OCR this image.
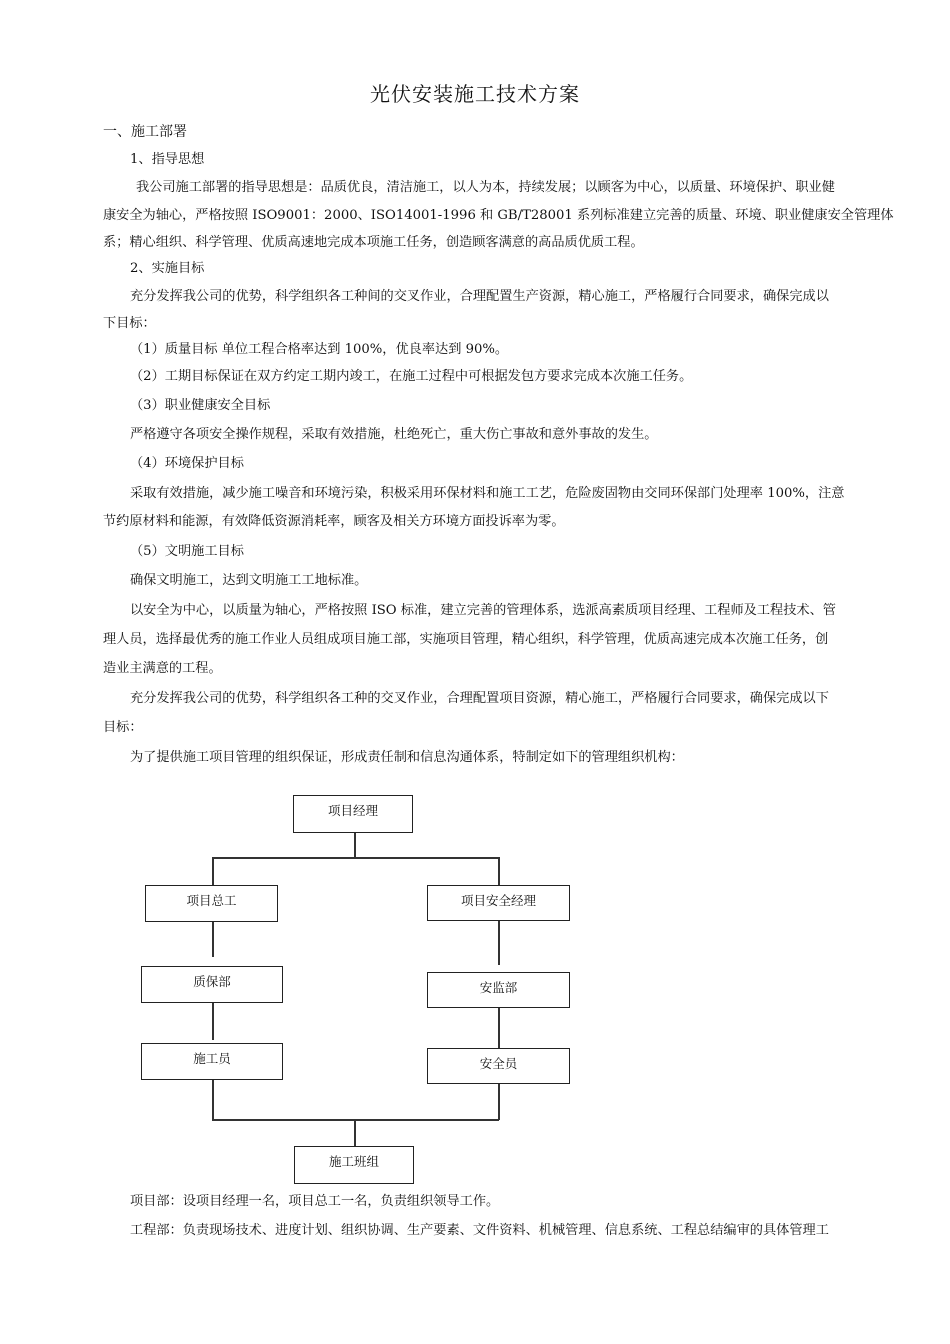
光伏安装施工技术方案
一、施工部署
1、指导思想
我公司施工部署的指导思想是：品质优良，清洁施工，以人为本，持续发展；以顾客为中心，以质量、环境保护、职业健
康安全为轴心，严格按照 ISO9001：2000、ISO14001-1996 和 GB/T28001 系列标准建立完善的质量、环境、职业健康安全管理体
系；精心组织、科学管理、优质高速地完成本项施工任务，创造顾客满意的高品质优质工程。
2、实施目标
充分发挥我公司的优势，科学组织各工种间的交叉作业，合理配置生产资源，精心施工，严格履行合同要求，确保完成以
下目标：
（1）质量目标 单位工程合格率达到 100%，优良率达到 90%。
（2）工期目标保证在双方约定工期内竣工，在施工过程中可根据发包方要求完成本次施工任务。
（3）职业健康安全目标
严格遵守各项安全操作规程，采取有效措施，杜绝死亡，重大伤亡事故和意外事故的发生。
（4）环境保护目标
采取有效措施，减少施工噪音和环境污染，积极采用环保材料和施工工艺，危险废固物由交同环保部门处理率 100%，注意
节约原材料和能源，有效降低资源消耗率，顾客及相关方环境方面投诉率为零。
（5）文明施工目标
确保文明施工，达到文明施工工地标准。
以安全为中心，以质量为轴心，严格按照 ISO 标准，建立完善的管理体系，选派高素质项目经理、工程师及工程技术、管
理人员，选择最优秀的施工作业人员组成项目施工部，实施项目管理，精心组织，科学管理，优质高速完成本次施工任务，创
造业主满意的工程。
充分发挥我公司的优势，科学组织各工种的交叉作业，合理配置项目资源，精心施工，严格履行合同要求，确保完成以下
目标：
为了提供施工项目管理的组织保证，形成责任制和信息沟通体系，特制定如下的管理组织机构：
项目经理
项目总工	项目安全经理
质保部	安监部
施工员	安全员
施工班组
项目部：设项目经理一名，项目总工一名，负责组织领导工作。
工程部：负责现场技术、进度计划、组织协调、生产要素、文件资料、机械管理、信息系统、工程总结编审的具体管理工
